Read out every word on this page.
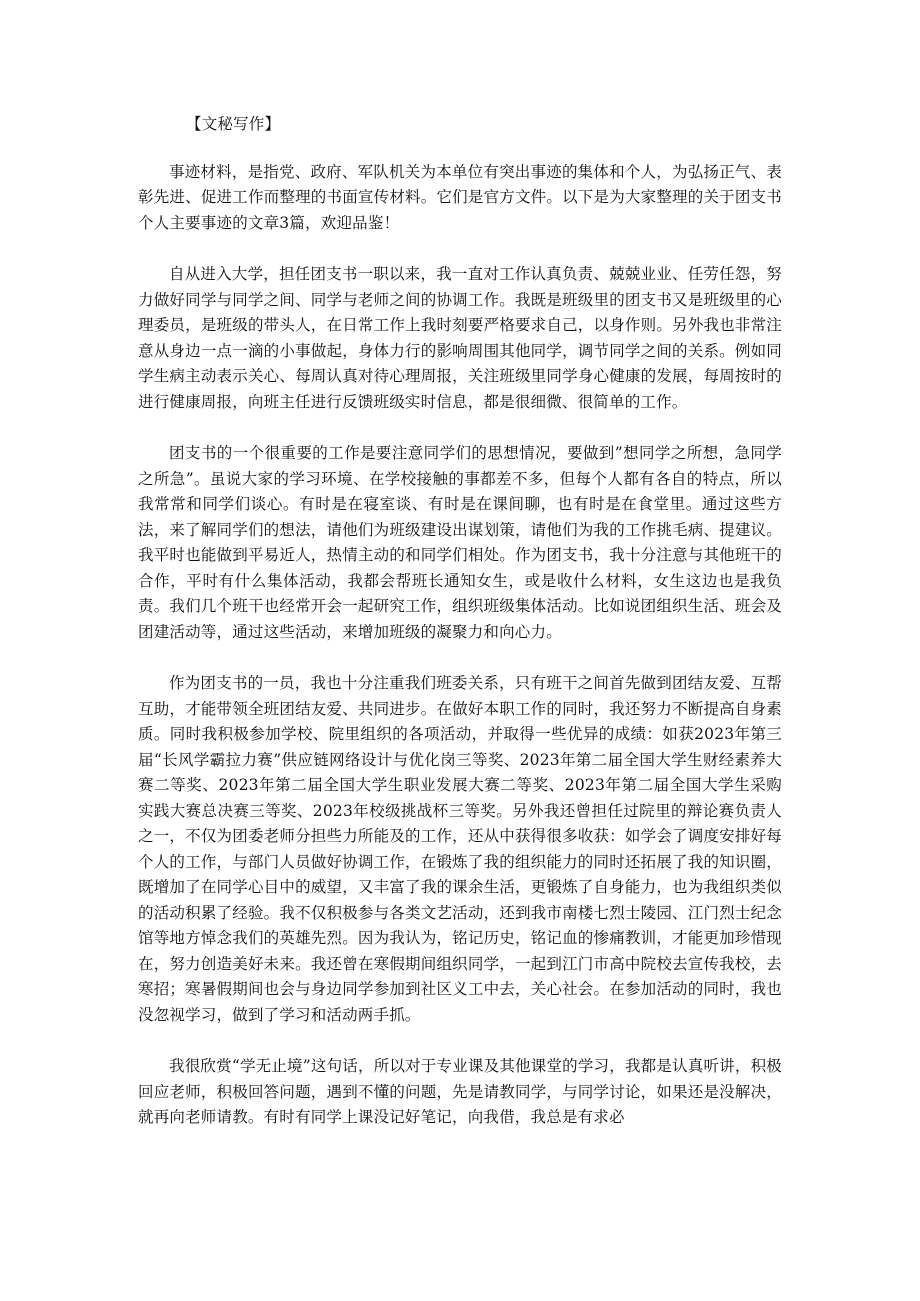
【文秘写作】

事迹材料，是指党、政府、军队机关为本单位有突出事迹的集体和个人，为弘扬正气、表彰先进、促进工作而整理的书面宣传材料。它们是官方文件。以下是为大家整理的关于团支书个人主要事迹的文章3篇，欢迎品鉴！

自从进入大学，担任团支书一职以来，我一直对工作认真负责、兢兢业业、任劳任怨，努力做好同学与同学之间、同学与老师之间的协调工作。我既是班级里的团支书又是班级里的心理委员，是班级的带头人，在日常工作上我时刻要严格要求自己，以身作则。另外我也非常注意从身边一点一滴的小事做起，身体力行的影响周围其他同学，调节同学之间的关系。例如同学生病主动表示关心、每周认真对待心理周报，关注班级里同学身心健康的发展，每周按时的进行健康周报，向班主任进行反馈班级实时信息，都是很细微、很简单的工作。

团支书的一个很重要的工作是要注意同学们的思想情况，要做到”想同学之所想，急同学之所急”。虽说大家的学习环境、在学校接触的事都差不多，但每个人都有各自的特点，所以我常常和同学们谈心。有时是在寝室谈、有时是在课间聊，也有时是在食堂里。通过这些方法，来了解同学们的想法，请他们为班级建设出谋划策，请他们为我的工作挑毛病、提建议。我平时也能做到平易近人，热情主动的和同学们相处。作为团支书，我十分注意与其他班干的合作，平时有什么集体活动，我都会帮班长通知女生，或是收什么材料，女生这边也是我负责。我们几个班干也经常开会一起研究工作，组织班级集体活动。比如说团组织生活、班会及团建活动等，通过这些活动，来增加班级的凝聚力和向心力。

作为团支书的一员，我也十分注重我们班委关系，只有班干之间首先做到团结友爱、互帮互助，才能带领全班团结友爱、共同进步。在做好本职工作的同时，我还努力不断提高自身素质。同时我积极参加学校、院里组织的各项活动，并取得一些优异的成绩：如获2023年第三届“长风学霸拉力赛”供应链网络设计与优化岗三等奖、2023年第二届全国大学生财经素养大赛二等奖、2023年第二届全国大学生职业发展大赛二等奖、2023年第二届全国大学生采购实践大赛总决赛三等奖、2023年校级挑战杯三等奖。另外我还曾担任过院里的辩论赛负责人之一，不仅为团委老师分担些力所能及的工作，还从中获得很多收获：如学会了调度安排好每个人的工作，与部门人员做好协调工作，在锻炼了我的组织能力的同时还拓展了我的知识圈，既增加了在同学心目中的威望，又丰富了我的课余生活，更锻炼了自身能力，也为我组织类似的活动积累了经验。我不仅积极参与各类文艺活动，还到我市南楼七烈士陵园、江门烈士纪念馆等地方悼念我们的英雄先烈。因为我认为，铭记历史，铭记血的惨痛教训，才能更加珍惜现在，努力创造美好未来。我还曾在寒假期间组织同学，一起到江门市高中院校去宣传我校，去寒招；寒暑假期间也会与身边同学参加到社区义工中去，关心社会。在参加活动的同时，我也没忽视学习，做到了学习和活动两手抓。

我很欣赏“学无止境”这句话，所以对于专业课及其他课堂的学习，我都是认真听讲，积极回应老师，积极回答问题，遇到不懂的问题，先是请教同学，与同学讨论，如果还是没解决，就再向老师请教。有时有同学上课没记好笔记，向我借，我总是有求必
